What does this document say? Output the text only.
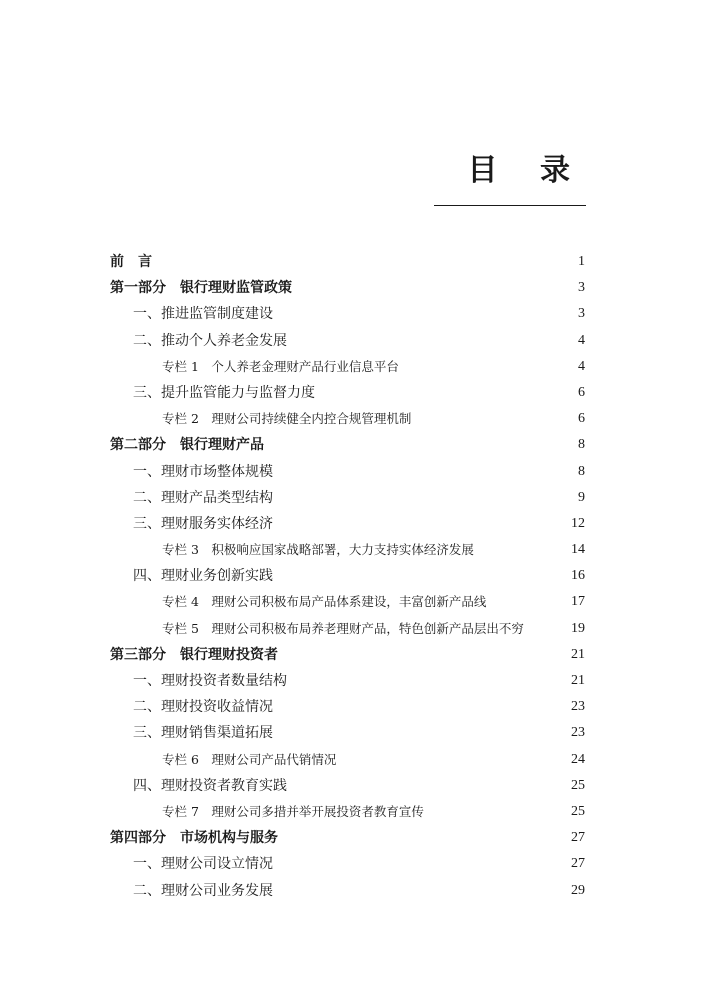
目 录
前　言	1
第一部分　银行理财监管政策	3
一、推进监管制度建设	3
二、推动个人养老金发展	4
专栏 1　个人养老金理财产品行业信息平台	4
三、提升监管能力与监督力度	6
专栏 2　理财公司持续健全内控合规管理机制	6
第二部分　银行理财产品	8
一、理财市场整体规模	8
二、理财产品类型结构	9
三、理财服务实体经济	12
专栏 3　积极响应国家战略部署，大力支持实体经济发展	14
四、理财业务创新实践	16
专栏 4　理财公司积极布局产品体系建设，丰富创新产品线	17
专栏 5　理财公司积极布局养老理财产品，特色创新产品层出不穷	19
第三部分　银行理财投资者	21
一、理财投资者数量结构	21
二、理财投资收益情况	23
三、理财销售渠道拓展	23
专栏 6　理财公司产品代销情况	24
四、理财投资者教育实践	25
专栏 7　理财公司多措并举开展投资者教育宣传	25
第四部分　市场机构与服务	27
一、理财公司设立情况	27
二、理财公司业务发展	29
